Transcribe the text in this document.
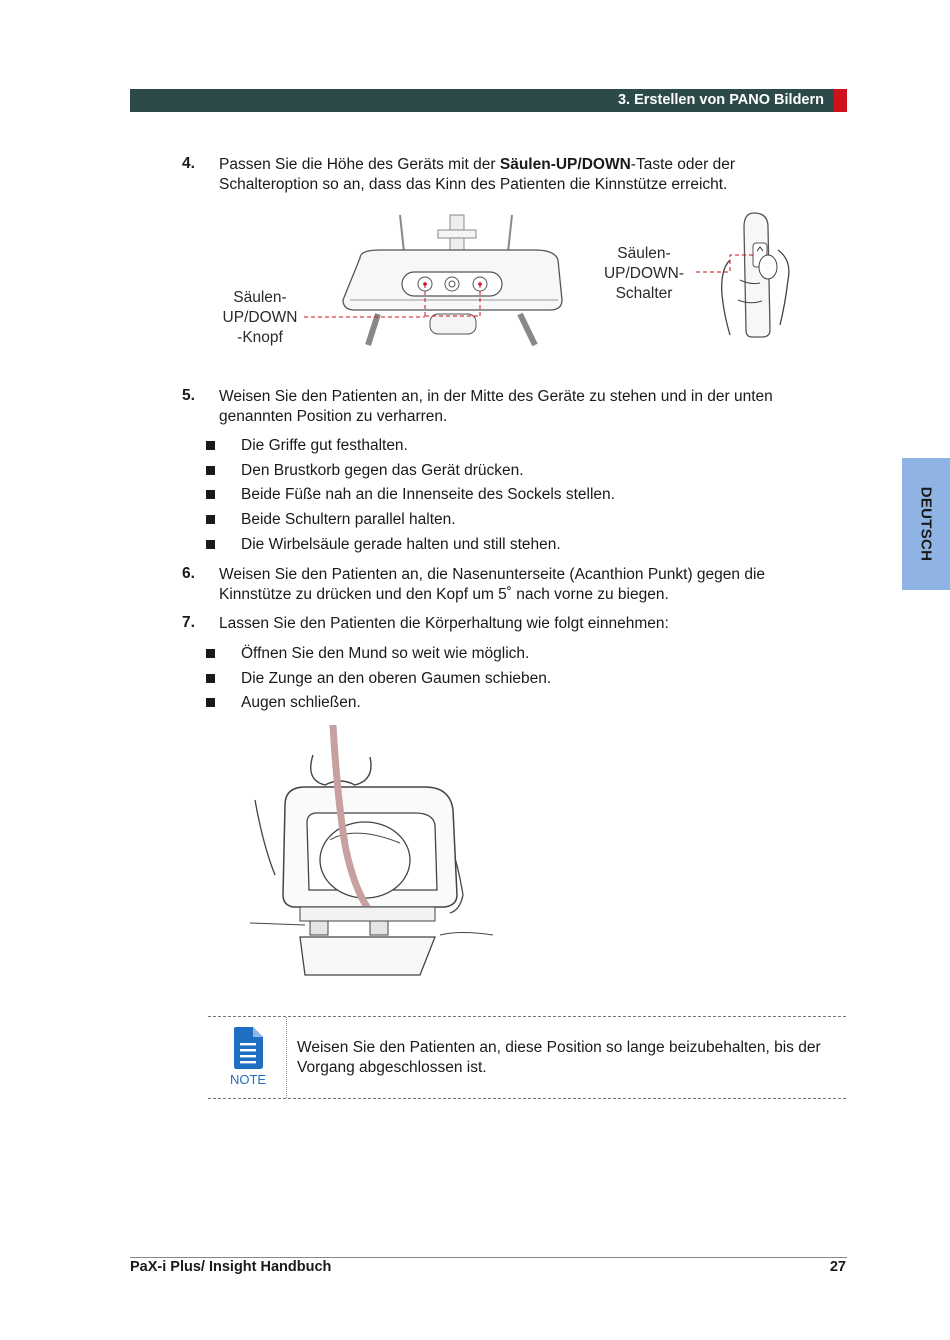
3. Erstellen von PANO Bildern
DEUTSCH
4. Passen Sie die Höhe des Geräts mit der Säulen-UP/DOWN-Taste oder der Schalteroption so an, dass das Kinn des Patienten die Kinnstütze erreicht.
Säulen-
UP/DOWN
-Knopf
Säulen-
UP/DOWN-
Schalter
5. Weisen Sie den Patienten an, in der Mitte des Geräte zu stehen und in der unten genannten Position zu verharren.
Die Griffe gut festhalten.
Den Brustkorb gegen das Gerät drücken.
Beide Füße nah an die Innenseite des Sockels stellen.
Beide Schultern parallel halten.
Die Wirbelsäule gerade halten und still stehen.
6. Weisen Sie den Patienten an, die Nasenunterseite (Acanthion Punkt) gegen die Kinnstütze zu drücken und den Kopf um 5˚ nach vorne zu biegen.
7. Lassen Sie den Patienten die Körperhaltung wie folgt einnehmen:
Öffnen Sie den Mund so weit wie möglich.
Die Zunge an den oberen Gaumen schieben.
Augen schließen.
NOTE
Weisen Sie den Patienten an, diese Position so lange beizubehalten, bis der Vorgang abgeschlossen ist.
PaX-i Plus/ Insight Handbuch	27
